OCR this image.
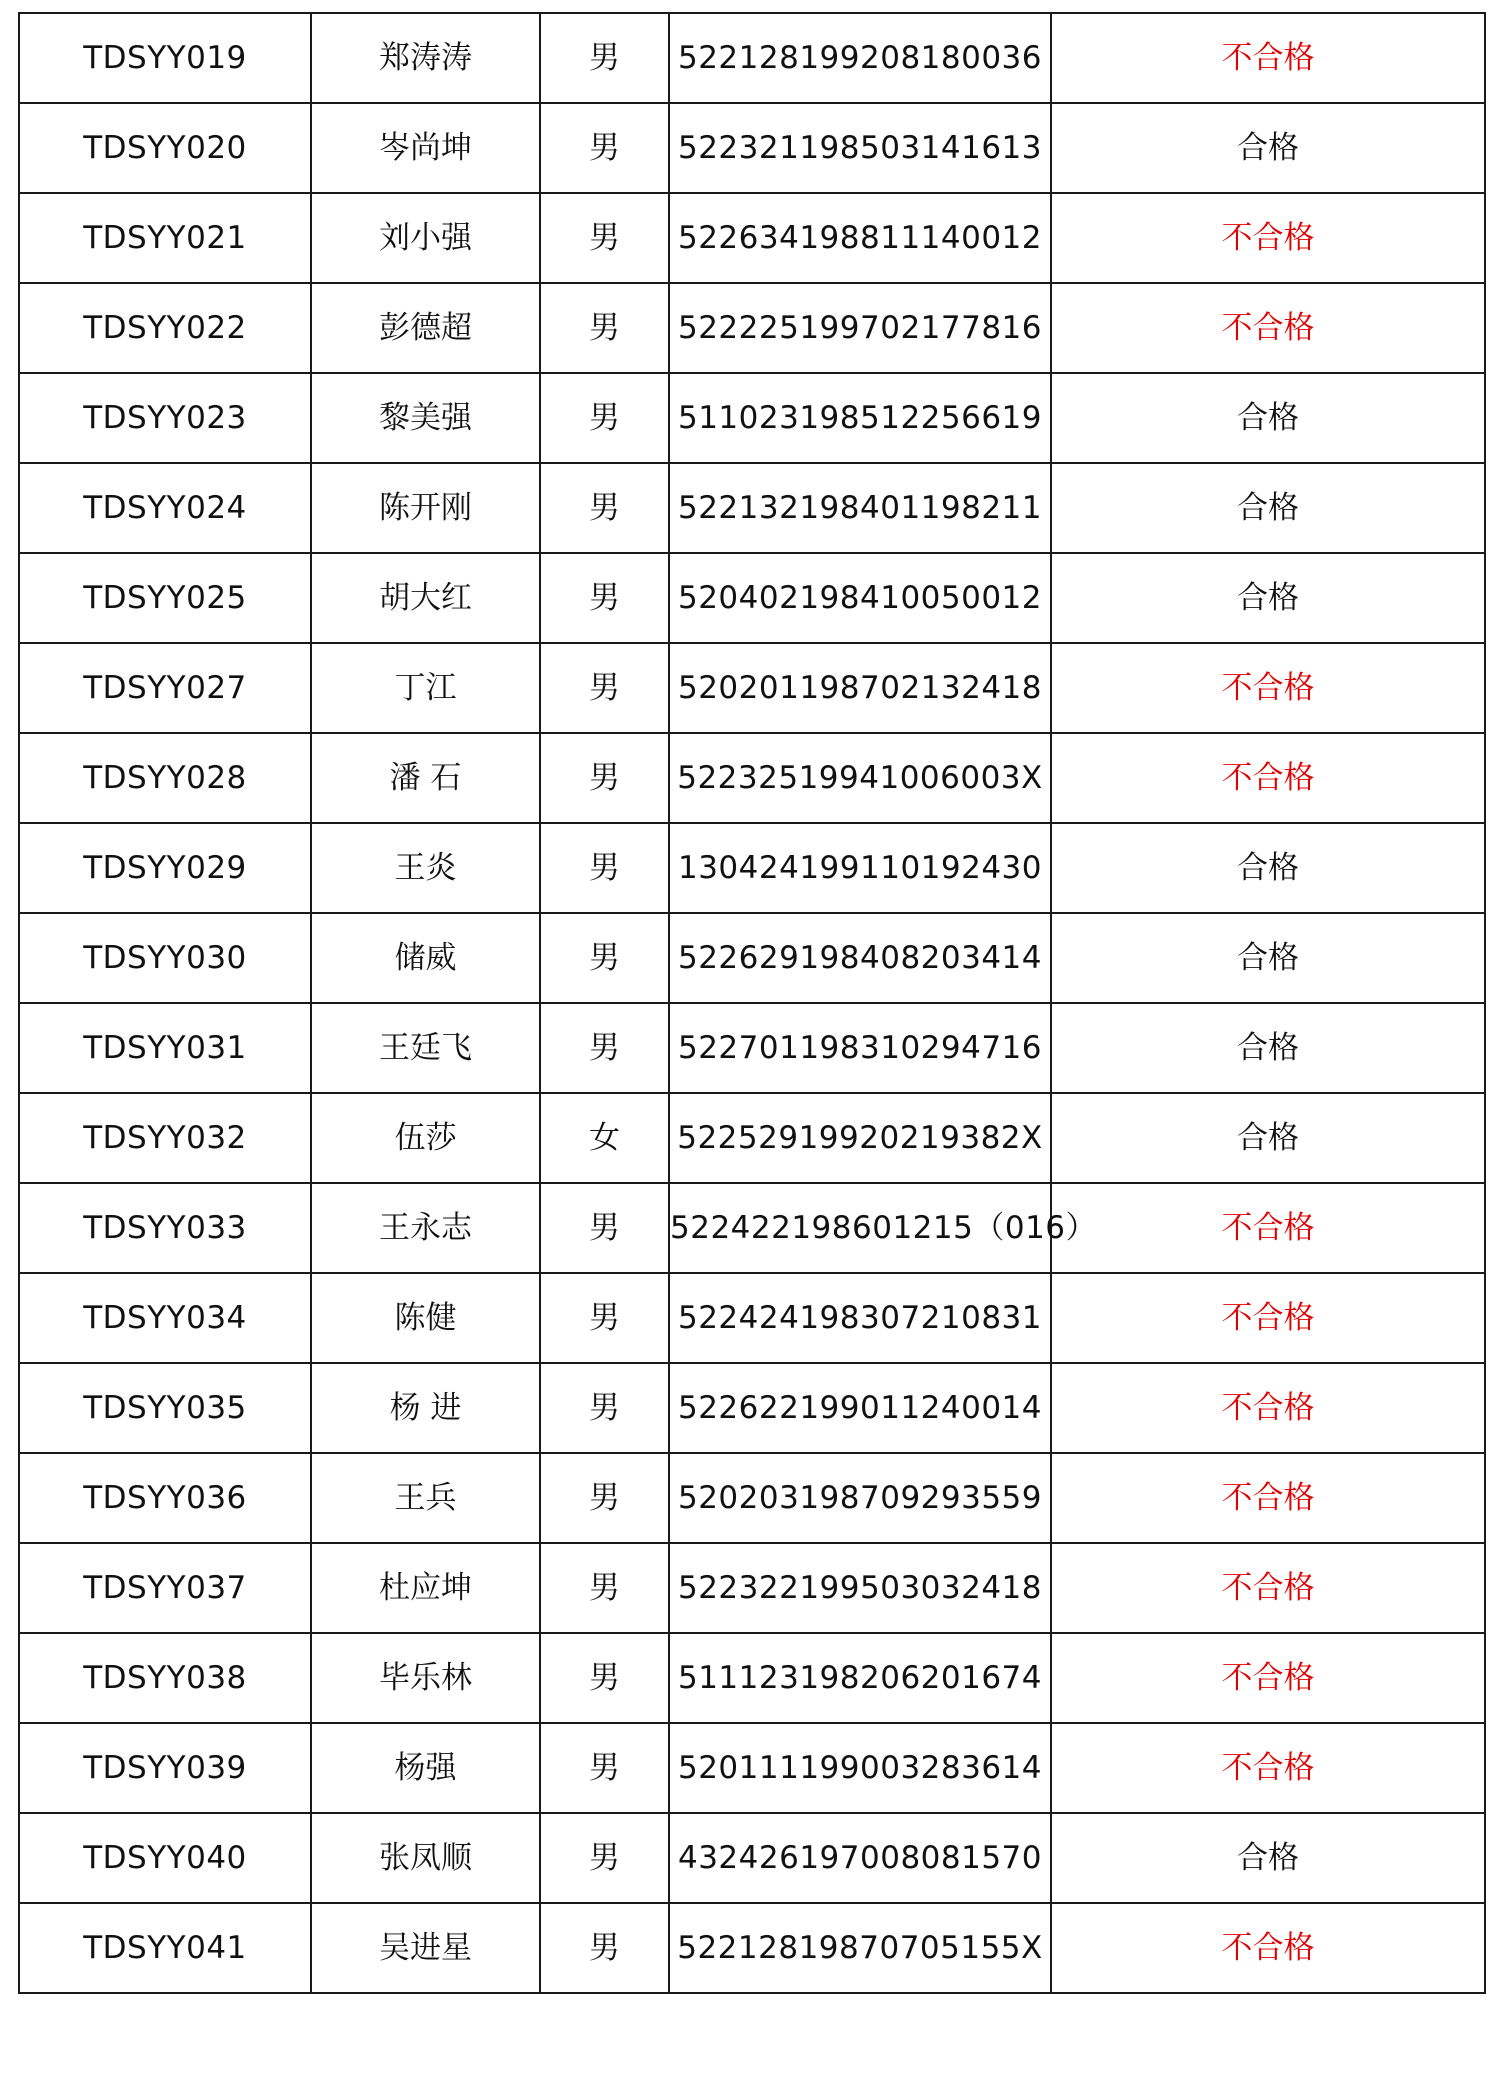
TDSYY019	郑涛涛	男	522128199208180036	不合格
TDSYY020	岑尚坤	男	522321198503141613	合格
TDSYY021	刘小强	男	522634198811140012	不合格
TDSYY022	彭德超	男	522225199702177816	不合格
TDSYY023	黎美强	男	511023198512256619	合格
TDSYY024	陈开刚	男	522132198401198211	合格
TDSYY025	胡大红	男	520402198410050012	合格
TDSYY027	丁江	男	520201198702132418	不合格
TDSYY028	潘 石	男	52232519941006003X	不合格
TDSYY029	王炎	男	130424199110192430	合格
TDSYY030	储威	男	522629198408203414	合格
TDSYY031	王廷飞	男	522701198310294716	合格
TDSYY032	伍莎	女	52252919920219382X	合格
TDSYY033	王永志	男	522422198601215（016）	不合格
TDSYY034	陈健	男	522424198307210831	不合格
TDSYY035	杨 进	男	522622199011240014	不合格
TDSYY036	王兵	男	520203198709293559	不合格
TDSYY037	杜应坤	男	522322199503032418	不合格
TDSYY038	毕乐林	男	511123198206201674	不合格
TDSYY039	杨强	男	520111199003283614	不合格
TDSYY040	张凤顺	男	432426197008081570	合格
TDSYY041	吴进星	男	52212819870705155X	不合格
